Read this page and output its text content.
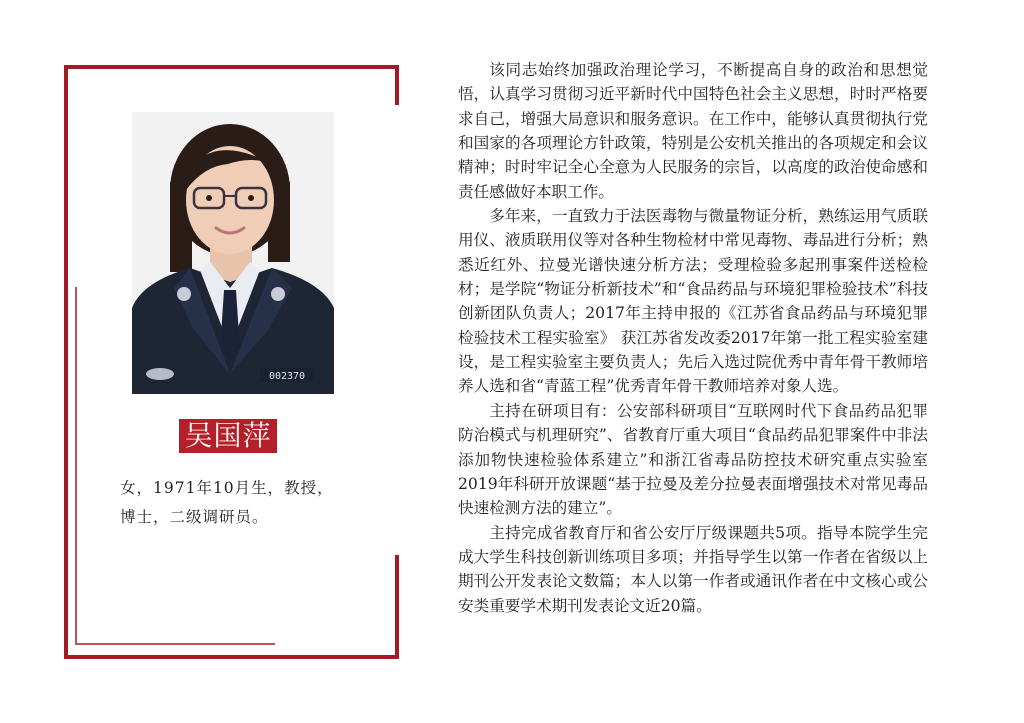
002370
吴国萍
女，1971年10月生，教授，
博士，二级调研员。

该同志始终加强政治理论学习，不断提高自身的政治和思想觉悟，认真学习贯彻习近平新时代中国特色社会主义思想，时时严格要求自己，增强大局意识和服务意识。在工作中，能够认真贯彻执行党和国家的各项理论方针政策，特别是公安机关推出的各项规定和会议精神；时时牢记全心全意为人民服务的宗旨，以高度的政治使命感和责任感做好本职工作。

多年来，一直致力于法医毒物与微量物证分析，熟练运用气质联用仪、液质联用仪等对各种生物检材中常见毒物、毒品进行分析；熟悉近红外、拉曼光谱快速分析方法；受理检验多起刑事案件送检检材；是学院“物证分析新技术”和“食品药品与环境犯罪检验技术”科技创新团队负责人；2017年主持申报的《江苏省食品药品与环境犯罪检验技术工程实验室》 获江苏省发改委2017年第一批工程实验室建设，是工程实验室主要负责人；先后入选过院优秀中青年骨干教师培养人选和省“青蓝工程”优秀青年骨干教师培养对象人选。

主持在研项目有：公安部科研项目“互联网时代下食品药品犯罪防治模式与机理研究”、省教育厅重大项目“食品药品犯罪案件中非法添加物快速检验体系建立”和浙江省毒品防控技术研究重点实验室2019年科研开放课题“基于拉曼及差分拉曼表面增强技术对常见毒品快速检测方法的建立”。

主持完成省教育厅和省公安厅厅级课题共5项。指导本院学生完成大学生科技创新训练项目多项；并指导学生以第一作者在省级以上期刊公开发表论文数篇；本人以第一作者或通讯作者在中文核心或公安类重要学术期刊发表论文近20篇。
